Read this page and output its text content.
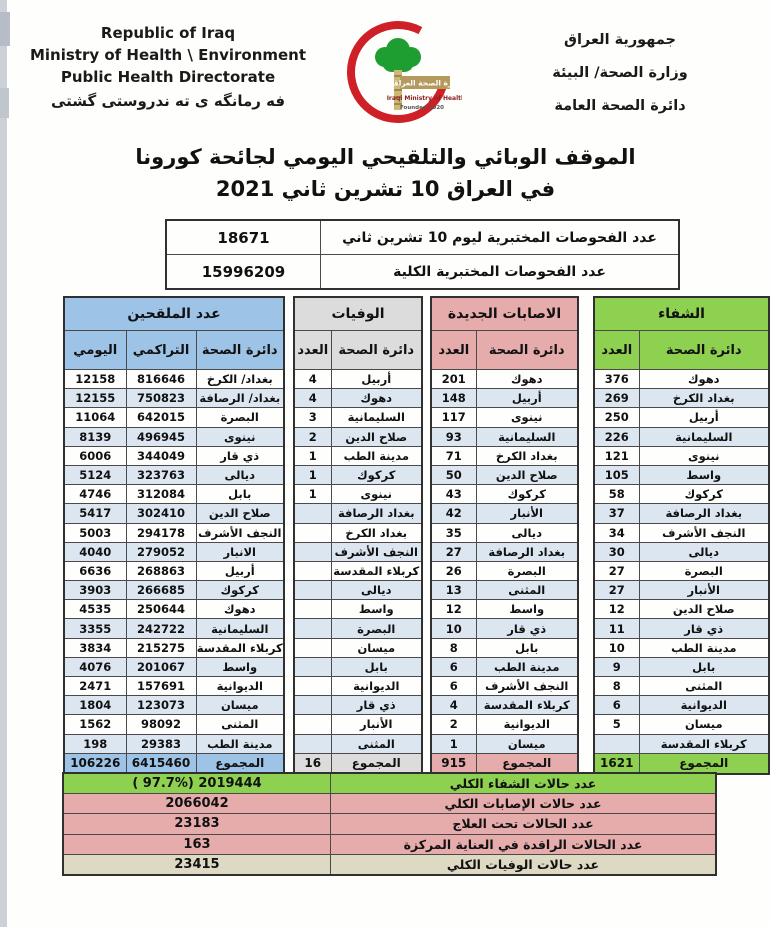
Republic of Iraq
Ministry of Health \ Environment
Public Health Directorate
فه رمانگه ی ته ندروستی گشتی
وزارة الصحة العراقية
Iraqi Ministry of Health
Founded 1920
جمهورية العراق
وزارة الصحة/ البيئة
دائرة الصحة العامة
الموقف الوبائي والتلقيحي اليومي لجائحة كورونا
في العراق 10 تشرين ثاني 2021
عدد الفحوصات المختبرية ليوم 10 تشرين ثاني	18671
عدد الفحوصات المختبرية الكلية	15996209
الشفاء	
دائرة الصحة	العدد
دهوك	376
بغداد الكرخ	269
أربيل	250
السليمانية	226
نينوى	121
واسط	105
كركوك	58
بغداد الرصافة	37
النجف الأشرف	34
ديالى	30
البصرة	27
الأنبار	27
صلاح الدين	12
ذي قار	11
مدينة الطب	10
بابل	9
المثنى	8
الديوانية	6
ميسان	5
كربلاء المقدسة	
المجموع	1621
الاصابات الجديدة	
دائرة الصحة	العدد
دهوك	201
أربيل	148
نينوى	117
السليمانية	93
بغداد الكرخ	71
صلاح الدين	50
كركوك	43
الأنبار	42
ديالى	35
بغداد الرصافة	27
البصرة	26
المثنى	13
واسط	12
ذي قار	10
بابل	8
مدينة الطب	6
النجف الأشرف	6
كربلاء المقدسة	4
الديوانية	2
ميسان	1
المجموع	915
الوفيات	
دائرة الصحة	العدد
أربيل	4
دهوك	4
السليمانية	3
صلاح الدين	2
مدينة الطب	1
كركوك	1
نينوى	1
بغداد الرصافة	
بغداد الكرخ	
النجف الأشرف	
كربلاء المقدسة	
ديالى	
واسط	
البصرة	
ميسان	
بابل	
الديوانية	
ذي قار	
الأنبار	
المثنى	
المجموع	16
عدد الملقحين		
دائرة الصحة	التراكمي	اليومي
بغداد/ الكرخ	816646	12158
بغداد/ الرصافة	750823	12155
البصرة	642015	11064
نينوى	496945	8139
ذي قار	344049	6006
ديالى	323763	5124
بابل	312084	4746
صلاح الدين	302410	5417
النجف الأشرف	294178	5003
الانبار	279052	4040
أربيل	268863	6636
كركوك	266685	3903
دهوك	250644	4535
السليمانية	242722	3355
كربلاء المقدسة	215275	3834
واسط	201067	4076
الديوانية	157691	2471
ميسان	123073	1804
المثنى	98092	1562
مدينة الطب	29383	198
المجموع	6415460	106226
عدد حالات الشفاء الكلي	( 97.7%) 2019444
عدد حالات الإصابات الكلي	2066042
عدد الحالات تحت العلاج	23183
عدد الحالات الراقدة في العناية المركزة	163
عدد حالات الوفيات الكلي	23415
